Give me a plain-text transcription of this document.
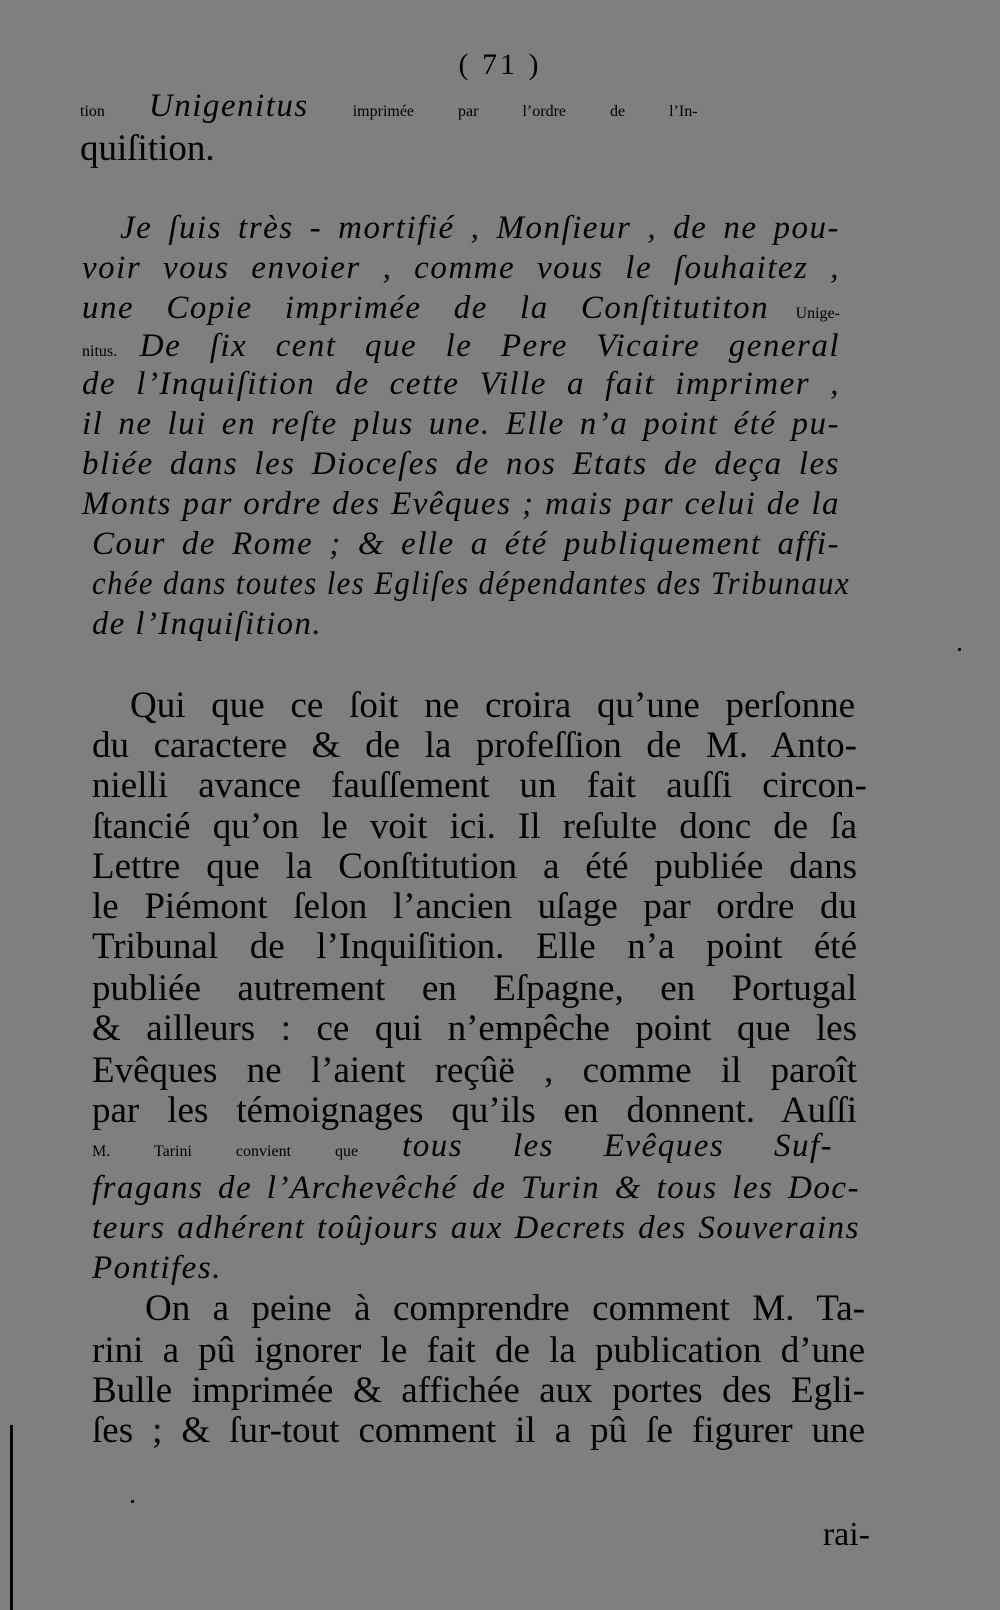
( 71 )
tion Unigenitus imprimée par l’ordre de l’In-
quiſition.
Je ſuis très - mortifié , Monſieur , de ne pou-
voir vous envoier , comme vous le ſouhaitez ,
une Copie imprimée de la Conſtitutiton Unige-
nitus. De ſix cent que le Pere Vicaire general
de l’Inquiſition de cette Ville a fait imprimer ,
il ne lui en reſte plus une. Elle n’a point été pu-
bliée dans les Dioceſes de nos Etats de deça les
Monts par ordre des Evêques ; mais par celui de la
Cour de Rome ; & elle a été publiquement affi-
chée dans toutes les Egliſes dépendantes des Tribunaux
de l’Inquiſition.
Qui que ce ſoit ne croira qu’une perſonne
du caractere & de la profeſſion de M. Anto-
nielli avance fauſſement un fait auſſi circon-
ſtancié qu’on le voit ici. Il reſulte donc de ſa
Lettre que la Conſtitution a été publiée dans
le Piémont ſelon l’ancien uſage par ordre du
Tribunal de l’Inquiſition. Elle n’a point été
publiée autrement en Eſpagne, en Portugal
& ailleurs : ce qui n’empêche point que les
Evêques ne l’aient reçûë , comme il paroît
par les témoignages qu’ils en donnent. Auſſi
M. Tarini convient que tous les Evêques Suf-
fragans de l’Archevêché de Turin & tous les Doc-
teurs adhérent toûjours aux Decrets des Souverains
Pontifes.
On a peine à comprendre comment M. Ta-
rini a pû ignorer le fait de la publication d’une
Bulle imprimée & affichée aux portes des Egli-
ſes ; & ſur-tout comment il a pû ſe figurer une
rai-
